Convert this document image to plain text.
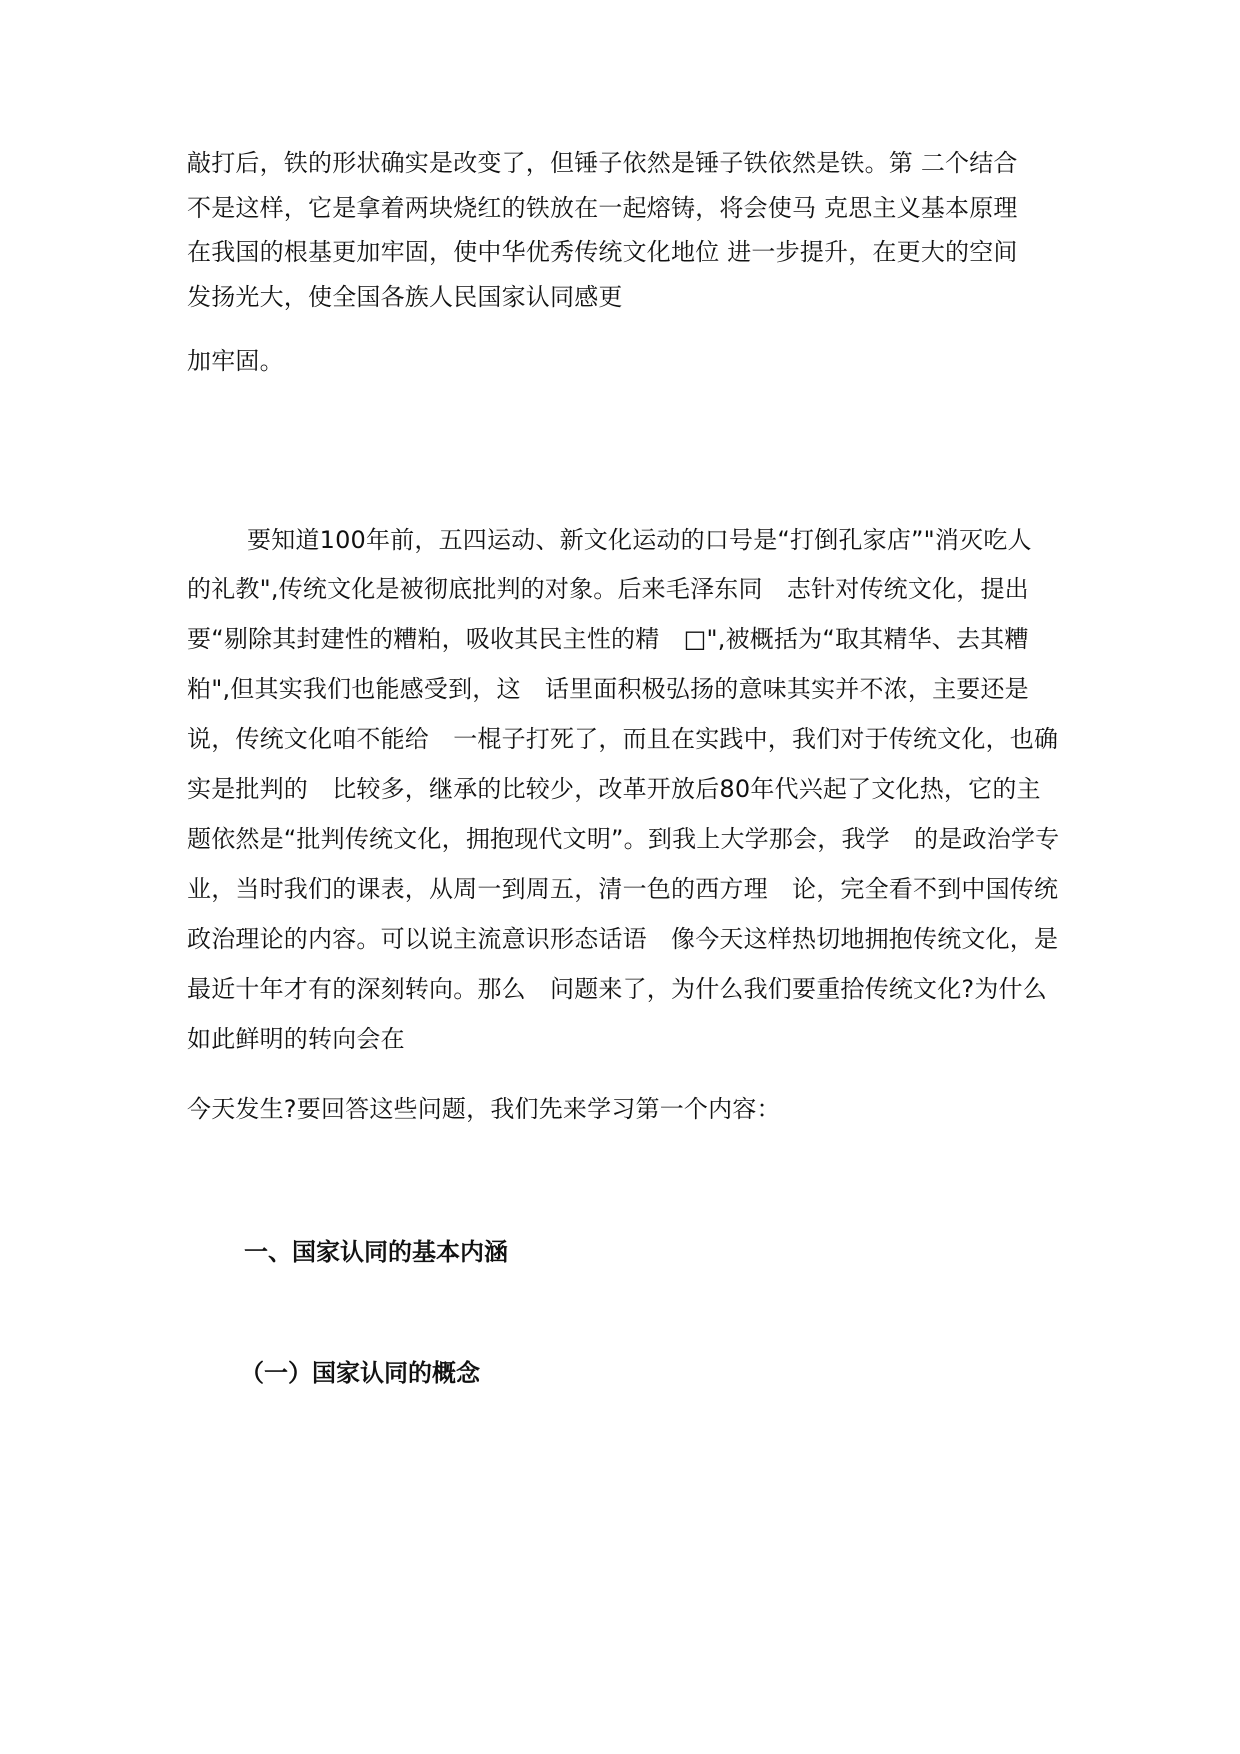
敲打后，铁的形状确实是改变了，但锤子依然是锤子铁依然是铁。第 二个结合
不是这样，它是拿着两块烧红的铁放在一起熔铸，将会使马 克思主义基本原理
在我国的根基更加牢固，使中华优秀传统文化地位 进一步提升，在更大的空间
发扬光大，使全国各族人民国家认同感更
加牢固。
要知道100年前，五四运动、新文化运动的口号是“打倒孔家店”"消灭吃人
的礼教",传统文化是被彻底批判的对象。后来毛泽东同　志针对传统文化，提出
要“剔除其封建性的糟粕，吸收其民主性的精　□",被概括为“取其精华、去其糟
粕",但其实我们也能感受到，这　话里面积极弘扬的意味其实并不浓，主要还是
说，传统文化咱不能给　一棍子打死了，而且在实践中，我们对于传统文化，也确
实是批判的　比较多，继承的比较少，改革开放后80年代兴起了文化热，它的主
题依然是“批判传统文化，拥抱现代文明”。到我上大学那会，我学　的是政治学专
业，当时我们的课表，从周一到周五，清一色的西方理　论，完全看不到中国传统
政治理论的内容。可以说主流意识形态话语　像今天这样热切地拥抱传统文化，是
最近十年才有的深刻转向。那么　问题来了，为什么我们要重拾传统文化?为什么
如此鲜明的转向会在
今天发生?要回答这些问题，我们先来学习第一个内容：
一、国家认同的基本内涵
（一）国家认同的概念
